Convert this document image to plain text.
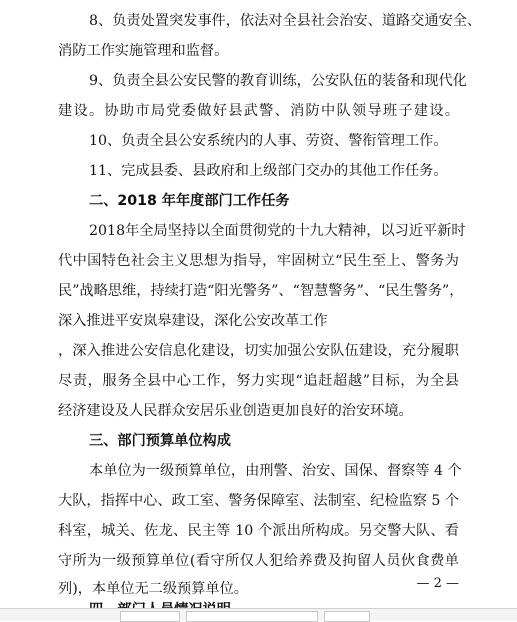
8、负责处置突发事件，依法对全县社会治安、道路交通安全、
消防工作实施管理和监督。
9、负责全县公安民警的教育训练，公安队伍的装备和现代化
建设。协助市局党委做好县武警、消防中队领导班子建设。
10、负责全县公安系统内的人事、劳资、警衔管理工作。
11、完成县委、县政府和上级部门交办的其他工作任务。
二、2018 年年度部门工作任务
2018年全局坚持以全面贯彻党的十九大精神，以习近平新时
代中国特色社会主义思想为指导，牢固树立“民生至上、警务为
民”战略思维，持续打造“阳光警务”、“智慧警务”、“民生警务”，
深入推进平安岚皋建设，深化公安改革工作
，深入推进公安信息化建设，切实加强公安队伍建设，充分履职
尽责，服务全县中心工作，努力实现“追赶超越”目标，为全县
经济建设及人民群众安居乐业创造更加良好的治安环境。
三、部门预算单位构成
本单位为一级预算单位，由刑警、治安、国保、督察等 4 个
大队，指挥中心、政工室、警务保障室、法制室、纪检监察 5 个
科室，城关、佐龙、民主等 10 个派出所构成。另交警大队、看
守所为一级预算单位(看守所仅人犯给养费及拘留人员伙食费单
列)，本单位无二级预算单位。	— 2 —
